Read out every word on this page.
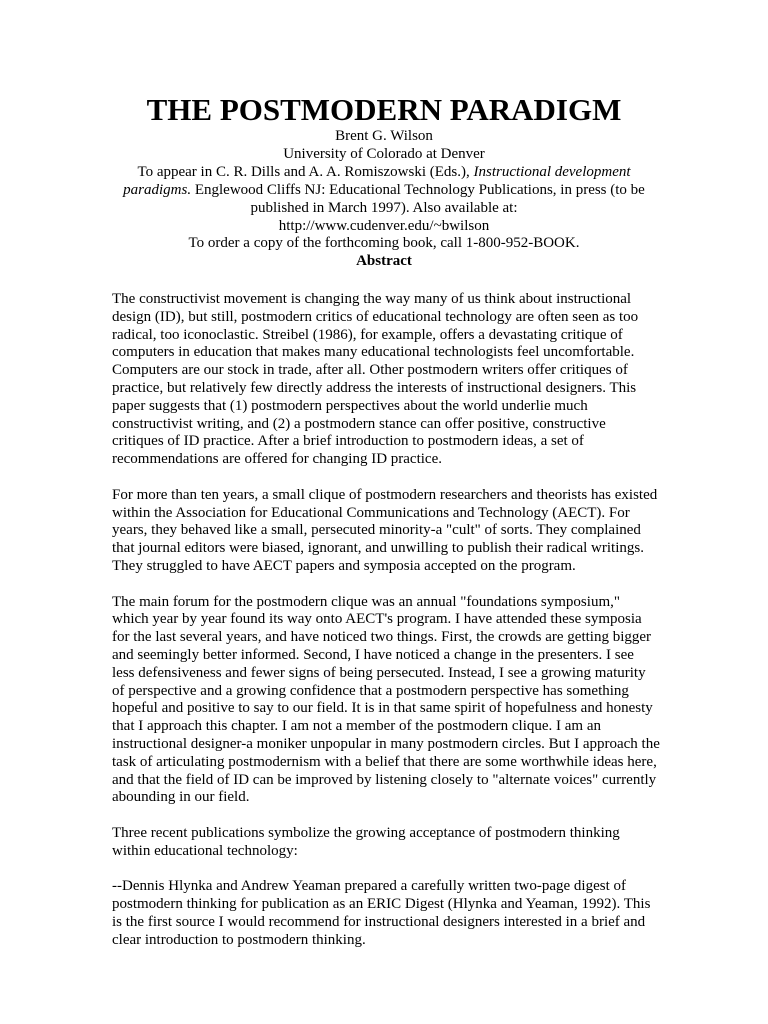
THE POSTMODERN PARADIGM

Brent G. Wilson

University of Colorado at Denver

To appear in C. R. Dills and A. A. Romiszowski (Eds.), Instructional development paradigms. Englewood Cliffs NJ: Educational Technology Publications, in press (to be published in March 1997). Also available at:

http://www.cudenver.edu/~bwilson

To order a copy of the forthcoming book, call 1-800-952-BOOK.

Abstract

The constructivist movement is changing the way many of us think about instructional design (ID), but still, postmodern critics of educational technology are often seen as too radical, too iconoclastic. Streibel (1986), for example, offers a devastating critique of computers in education that makes many educational technologists feel uncomfortable. Computers are our stock in trade, after all. Other postmodern writers offer critiques of practice, but relatively few directly address the interests of instructional designers. This paper suggests that (1) postmodern perspectives about the world underlie much constructivist writing, and (2) a postmodern stance can offer positive, constructive critiques of ID practice. After a brief introduction to postmodern ideas, a set of recommendations are offered for changing ID practice.

For more than ten years, a small clique of postmodern researchers and theorists has existed within the Association for Educational Communications and Technology (AECT). For years, they behaved like a small, persecuted minority-a "cult" of sorts. They complained that journal editors were biased, ignorant, and unwilling to publish their radical writings. They struggled to have AECT papers and symposia accepted on the program.

The main forum for the postmodern clique was an annual "foundations symposium," which year by year found its way onto AECT's program. I have attended these symposia for the last several years, and have noticed two things. First, the crowds are getting bigger and seemingly better informed. Second, I have noticed a change in the presenters. I see less defensiveness and fewer signs of being persecuted. Instead, I see a growing maturity of perspective and a growing confidence that a postmodern perspective has something hopeful and positive to say to our field. It is in that same spirit of hopefulness and honesty that I approach this chapter. I am not a member of the postmodern clique. I am an instructional designer-a moniker unpopular in many postmodern circles. But I approach the task of articulating postmodernism with a belief that there are some worthwhile ideas here, and that the field of ID can be improved by listening closely to "alternate voices" currently abounding in our field.

Three recent publications symbolize the growing acceptance of postmodern thinking within educational technology:

--Dennis Hlynka and Andrew Yeaman prepared a carefully written two-page digest of postmodern thinking for publication as an ERIC Digest (Hlynka and Yeaman, 1992). This is the first source I would recommend for instructional designers interested in a brief and clear introduction to postmodern thinking.
